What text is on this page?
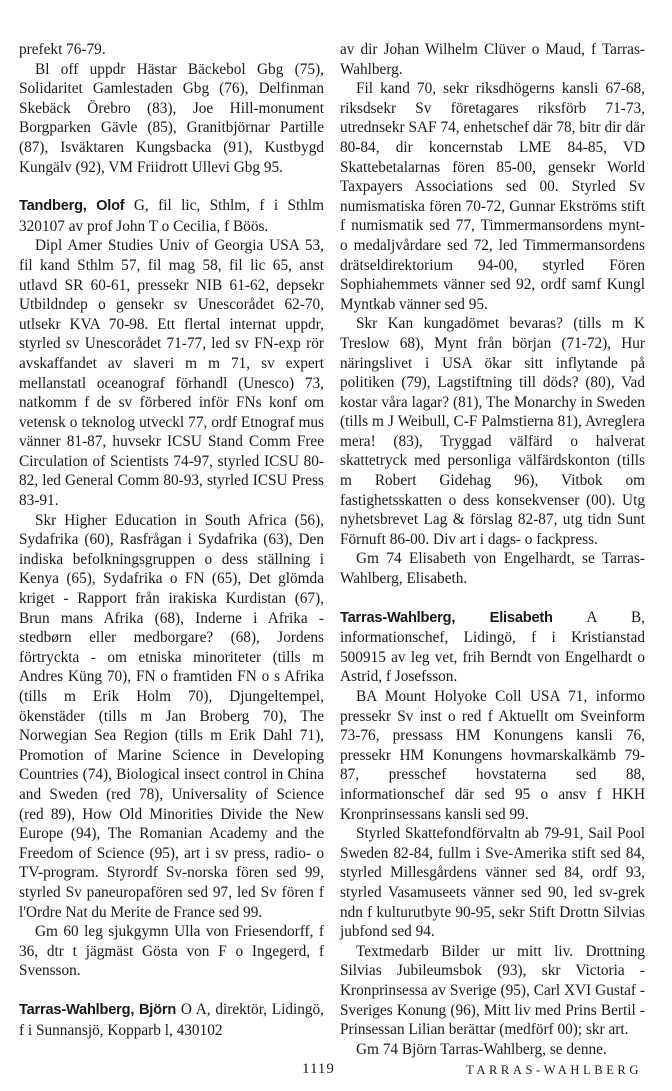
prefekt 76-79.

Bl off uppdr Hästar Bäckebol Gbg (75), Solidaritet Gamlestaden Gbg (76), Delfinman Skebäck Örebro (83), Joe Hill-monument Borgparken Gävle (85), Granitbjörnar Partille (87), Isväktaren Kungsbacka (91), Kustbygd Kungälv (92), VM Friidrott Ullevi Gbg 95.

Tandberg, Olof G, fil lic, Sthlm, f i Sthlm 320107 av prof John T o Cecilia, f Böös.

Dipl Amer Studies Univ of Georgia USA 53, fil kand Sthlm 57, fil mag 58, fil lic 65, anst utlavd SR 60-61, pressekr NIB 61-62, depsekr Utbildndep o gensekr sv Unescorådet 62-70, utlsekr KVA 70-98. Ett flertal internat uppdr, styrled sv Unescorådet 71-77, led sv FN-exp rör avskaffandet av slaveri m m 71, sv expert mellanstatl oceanograf förhandl (Unesco) 73, natkomm f de sv förbered inför FNs konf om vetensk o teknolog utveckl 77, ordf Etnograf mus vänner 81-87, huvsekr ICSU Stand Comm Free Circulation of Scientists 74-97, styrled ICSU 80-82, led General Comm 80-93, styrled ICSU Press 83-91.

Skr Higher Education in South Africa (56), Sydafrika (60), Rasfrågan i Sydafrika (63), Den indiska befolkningsgruppen o dess ställning i Kenya (65), Sydafrika o FN (65), Det glömda kriget - Rapport från irakiska Kurdistan (67), Brun mans Afrika (68), Inderne i Afrika - stedbørn eller medborgare? (68), Jordens förtryckta - om etniska minoriteter (tills m Andres Küng 70), FN o framtiden FN o s Afrika (tills m Erik Holm 70), Djungeltempel, ökenstäder (tills m Jan Broberg 70), The Norwegian Sea Region (tills m Erik Dahl 71), Promotion of Marine Science in Developing Countries (74), Biological insect control in China and Sweden (red 78), Universality of Science (red 89), How Old Minorities Divide the New Europe (94), The Romanian Academy and the Freedom of Science (95), art i sv press, radio- o TV-program. Styrordf Sv-norska fören sed 99, styrled Sv paneuropafören sed 97, led Sv fören f l'Ordre Nat du Merite de France sed 99.

Gm 60 leg sjukgymn Ulla von Friesendorff, f 36, dtr t jägmäst Gösta von F o Ingegerd, f Svensson.

Tarras-Wahlberg, Björn O A, direktör, Lidingö, f i Sunnansjö, Kopparb l, 430102

av dir Johan Wilhelm Clüver o Maud, f Tarras-Wahlberg.

Fil kand 70, sekr riksdhögerns kansli 67-68, riksdsekr Sv företagares riksförb 71-73, utrednsekr SAF 74, enhetschef där 78, bitr dir där 80-84, dir koncernstab LME 84-85, VD Skattebetalarnas fören 85-00, gensekr World Taxpayers Associations sed 00. Styrled Sv numismatiska fören 70-72, Gunnar Ekströms stift f numismatik sed 77, Timmermansordens mynt- o medaljvårdare sed 72, led Timmermansordens drätseldirektorium 94-00, styrled Fören Sophiahemmets vänner sed 92, ordf samf Kungl Myntkab vänner sed 95.

Skr Kan kungadömet bevaras? (tills m K Treslow 68), Mynt från början (71-72), Hur näringslivet i USA ökar sitt inflytande på politiken (79), Lagstiftning till döds? (80), Vad kostar våra lagar? (81), The Monarchy in Sweden (tills m J Weibull, C-F Palmstierna 81), Avreglera mera! (83), Tryggad välfärd o halverat skattetryck med personliga välfärdskonton (tills m Robert Gidehag 96), Vitbok om fastighetsskatten o dess konsekvenser (00). Utg nyhetsbrevet Lag & förslag 82-87, utg tidn Sunt Förnuft 86-00. Div art i dags- o fackpress.

Gm 74 Elisabeth von Engelhardt, se Tarras-Wahlberg, Elisabeth.

Tarras-Wahlberg, Elisabeth A B, informationschef, Lidingö, f i Kristianstad 500915 av leg vet, frih Berndt von Engelhardt o Astrid, f Josefsson.

BA Mount Holyoke Coll USA 71, informo pressekr Sv inst o red f Aktuellt om Sveinform 73-76, pressass HM Konungens kansli 76, pressekr HM Konungens hovmarskalkämb 79-87, presschef hovstaterna sed 88, informationschef där sed 95 o ansv f HKH Kronprinsessans kansli sed 99.

Styrled Skattefondförvaltn ab 79-91, Sail Pool Sweden 82-84, fullm i Sve-Amerika stift sed 84, styrled Millesgårdens vänner sed 84, ordf 93, styrled Vasamuseets vänner sed 90, led sv-grek ndn f kulturutbyte 90-95, sekr Stift Drottn Silvias jubfond sed 94.

Textmedarb Bilder ur mitt liv. Drottning Silvias Jubileumsbok (93), skr Victoria - Kronprinsessa av Sverige (95), Carl XVI Gustaf - Sveriges Konung (96), Mitt liv med Prins Bertil - Prinsessan Lilian berättar (medförf 00); skr art.

Gm 74 Björn Tarras-Wahlberg, se denne.

1119	TARRAS-WAHLBERG
